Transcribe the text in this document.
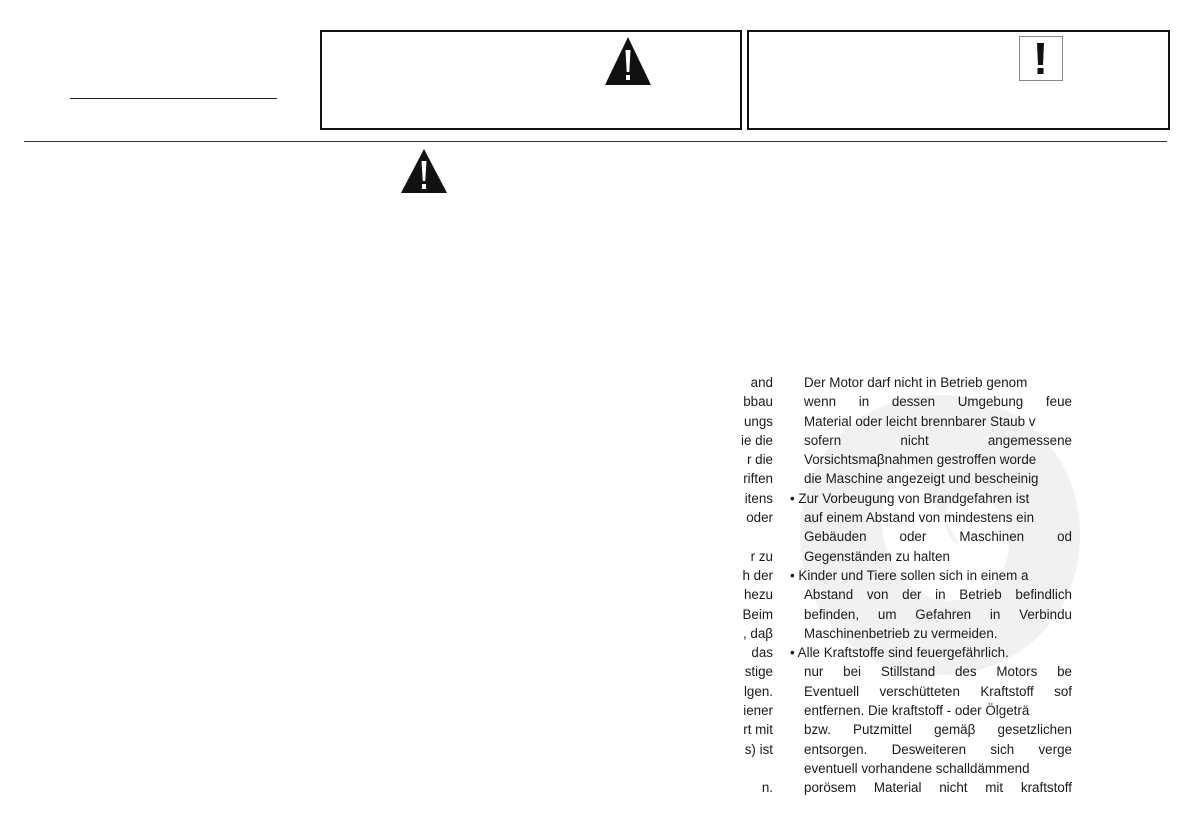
and
bbau
ungs
ie die
r die
riften
itens
oder
r zu
h der
hezu
Beim
, daβ
das
stige
lgen.
iener
rt mit
s) ist
n.
Der Motor darf nicht in Betrieb genom
wenn in dessen Umgebung feue
Material oder leicht brennbarer Staub v
sofern nicht angemessene
Vorsichtsmaβnahmen gestroffen worde
die Maschine angezeigt und bescheinig
• Zur Vorbeugung von Brandgefahren ist
auf einem Abstand von mindestens ein
Gebäuden oder Maschinen od
Gegenständen zu halten
• Kinder und Tiere sollen sich in einem a
Abstand von der in Betrieb befindlich
befinden, um Gefahren in Verbindu
Maschinenbetrieb zu vermeiden.
• Alle Kraftstoffe sind feuergefährlich.
nur bei Stillstand des Motors be
Eventuell verschütteten Kraftstoff sof
entfernen. Die kraftstoff - oder Ölgeträ
bzw. Putzmittel gemäβ gesetzlichen
entsorgen. Desweiteren sich verge
eventuell vorhandene schalldämmend
porösem Material nicht mit kraftstoff
